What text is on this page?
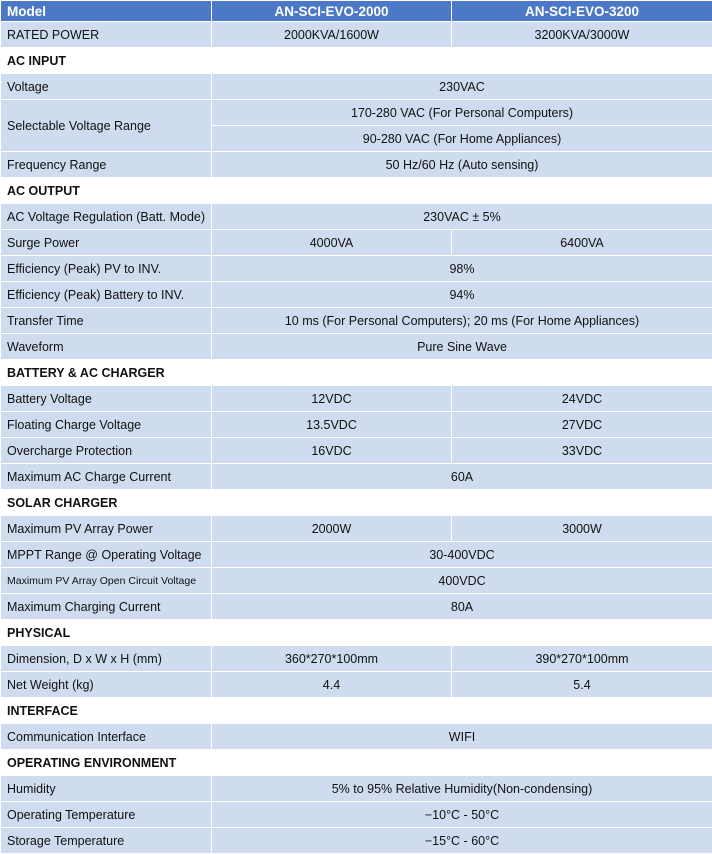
Model	AN-SCI-EVO-2000	AN-SCI-EVO-3200
RATED POWER	2000KVA/1600W	3200KVA/3000W
AC INPUT		
Voltage	230VAC	
Selectable Voltage Range	170-280 VAC (For Personal Computers)	
	90-280 VAC (For Home Appliances)	
Frequency Range	50 Hz/60 Hz (Auto sensing)	
AC OUTPUT		
AC Voltage Regulation (Batt. Mode)	230VAC ± 5%	
Surge Power	4000VA	6400VA
Efficiency (Peak) PV to INV.	98%	
Efficiency (Peak) Battery to INV.	94%	
Transfer Time	10 ms (For Personal Computers); 20 ms (For Home Appliances)	
Waveform	Pure Sine Wave	
BATTERY & AC CHARGER		
Battery Voltage	12VDC	24VDC
Floating Charge Voltage	13.5VDC	27VDC
Overcharge Protection	16VDC	33VDC
Maximum AC Charge Current	60A	
SOLAR CHARGER		
Maximum PV Array Power	2000W	3000W
MPPT Range @ Operating Voltage	30-400VDC	
Maximum PV Array Open Circuit Voltage	400VDC	
Maximum Charging Current	80A	
PHYSICAL		
Dimension, D x W x H (mm)	360*270*100mm	390*270*100mm
Net Weight (kg)	4.4	5.4
INTERFACE		
Communication Interface	WIFI	
OPERATING ENVIRONMENT		
Humidity	5% to 95% Relative Humidity(Non-condensing)	
Operating Temperature	−10°C - 50°C	
Storage Temperature	−15°C - 60°C	
